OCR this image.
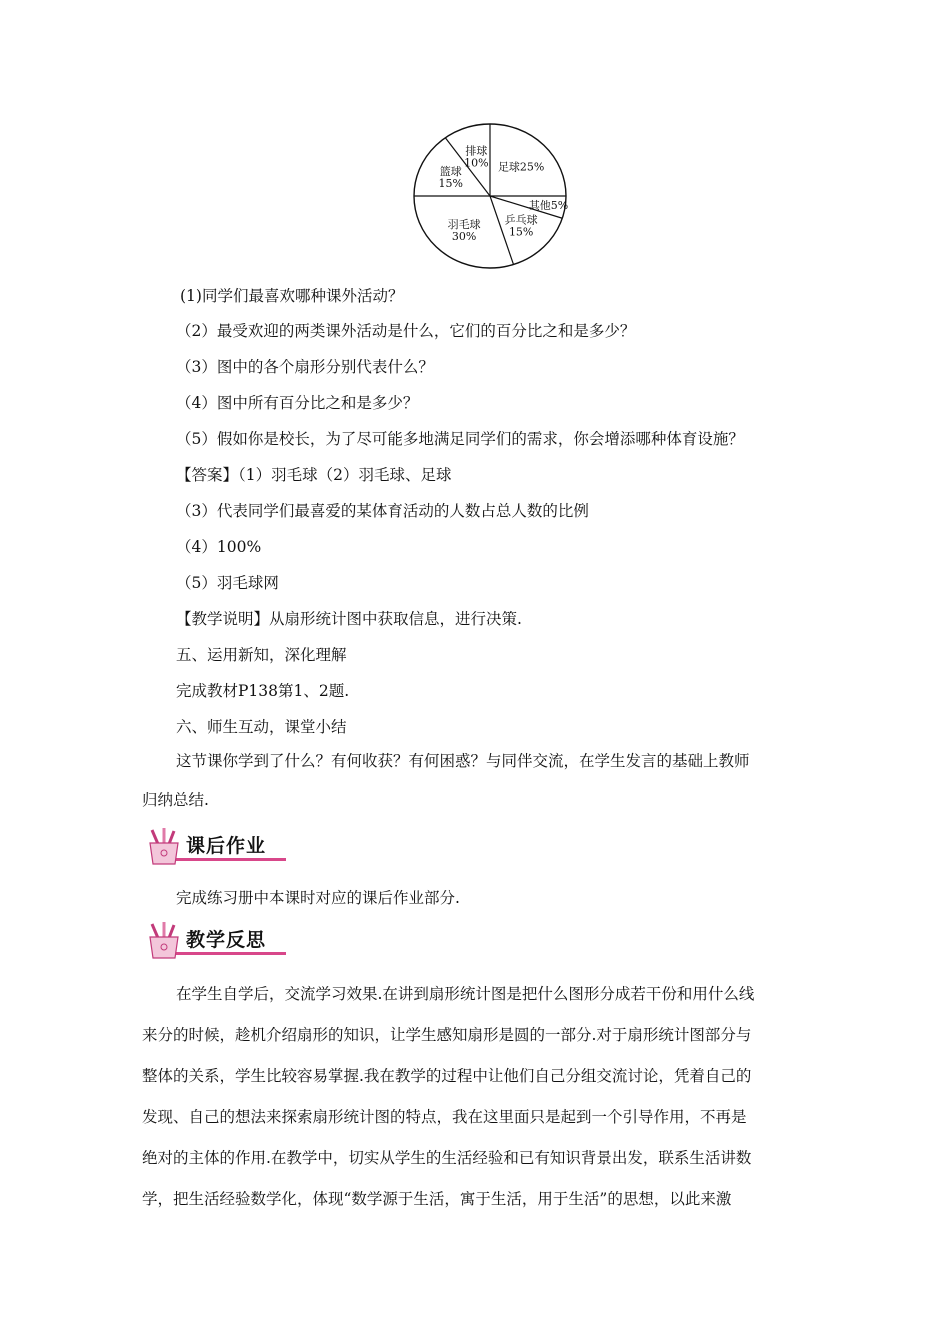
足球25%
其他5%
乒乓球
15%
羽毛球
30%
篮球
15%
排球
10%
(1)同学们最喜欢哪种课外活动？
（2）最受欢迎的两类课外活动是什么，它们的百分比之和是多少？
（3）图中的各个扇形分别代表什么？
（4）图中所有百分比之和是多少？
（5）假如你是校长，为了尽可能多地满足同学们的需求，你会增添哪种体育设施？
【答案】（1）羽毛球（2）羽毛球、足球
（3）代表同学们最喜爱的某体育活动的人数占总人数的比例
（4）100%
（5）羽毛球网
【教学说明】从扇形统计图中获取信息，进行决策.
五、运用新知，深化理解
完成教材P138第1、2题.
六、师生互动，课堂小结
这节课你学到了什么？有何收获？有何困惑？与同伴交流，在学生发言的基础上教师
归纳总结.
课后作业
完成练习册中本课时对应的课后作业部分.
教学反思
在学生自学后，交流学习效果.在讲到扇形统计图是把什么图形分成若干份和用什么线
来分的时候，趁机介绍扇形的知识，让学生感知扇形是圆的一部分.对于扇形统计图部分与
整体的关系，学生比较容易掌握.我在教学的过程中让他们自己分组交流讨论，凭着自己的
发现、自己的想法来探索扇形统计图的特点，我在这里面只是起到一个引导作用，不再是
绝对的主体的作用.在教学中，切实从学生的生活经验和已有知识背景出发，联系生活讲数
学，把生活经验数学化，体现“数学源于生活，寓于生活，用于生活”的思想，以此来激
